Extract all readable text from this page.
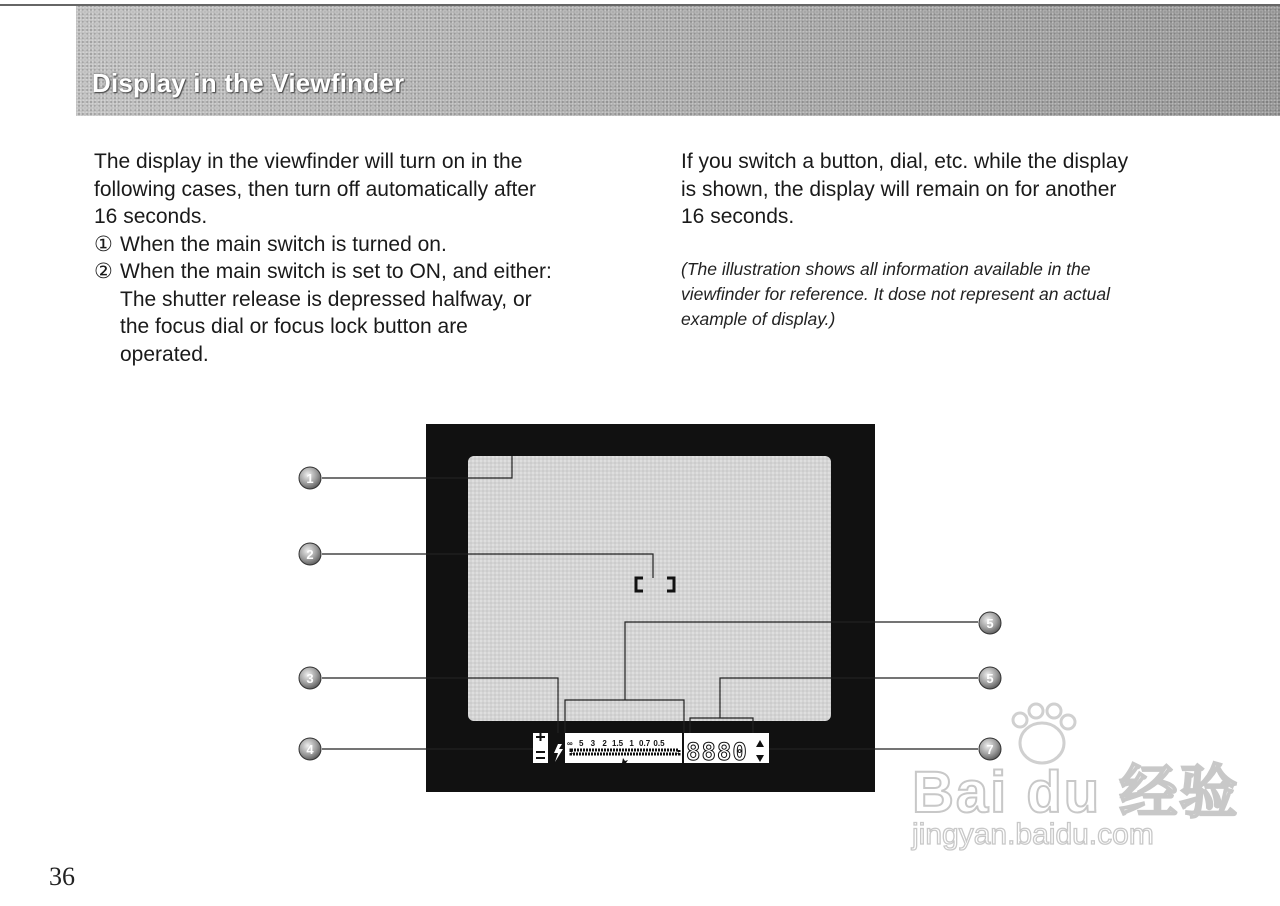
Display in the Viewfinder

The display in the viewfinder will turn on in the

following cases, then turn off automatically after

16 seconds.

① When the main switch is turned on.
② When the main switch is set to ON, and either:

The shutter release is depressed halfway, or

the focus dial or focus lock button are

operated.

If you switch a button, dial, etc. while the display

is shown, the display will remain on for another

16 seconds.

(The illustration shows all information available in the
viewfinder for reference. It dose not represent an actual
example of display.)
∞ 5 3 2 1.5 1 0.7 0.5 8880
1
2
3
4
5
5
7
Bai du 经验
jingyan.baidu.com
36
